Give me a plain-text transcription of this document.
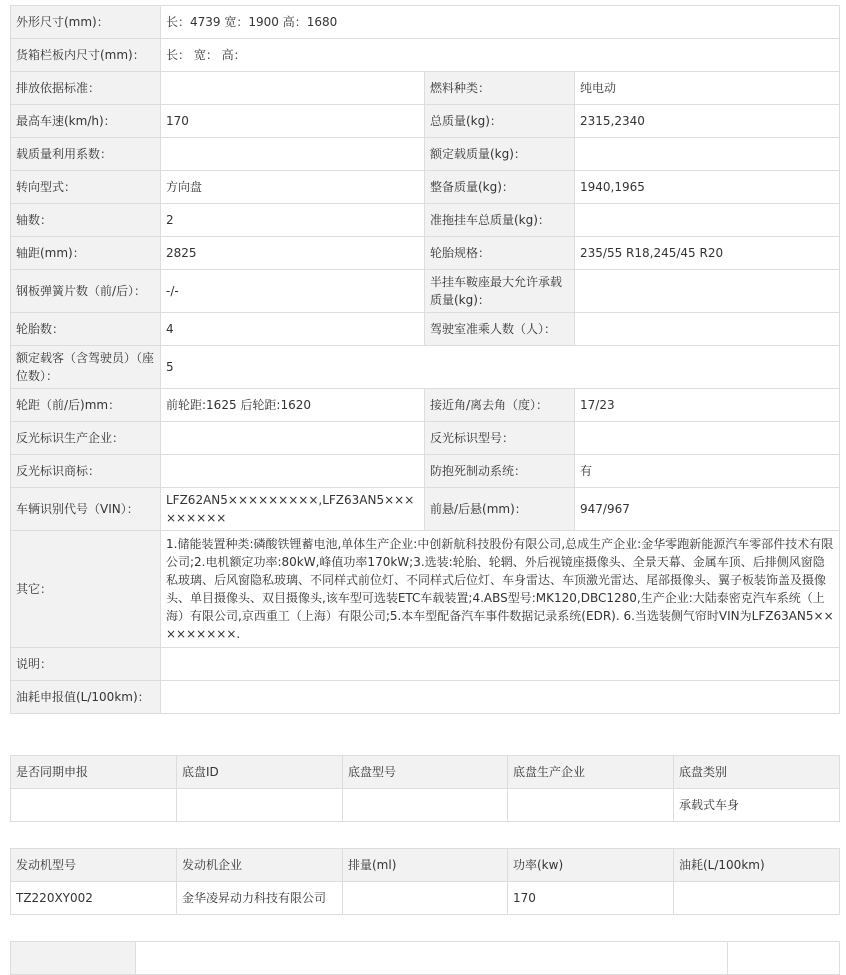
外形尺寸(mm)：	长：4739 宽：1900 高：1680		
货箱栏板内尺寸(mm)：	长： 宽： 高：		
排放依据标准：		燃料种类：	纯电动
最高车速(km/h)：	170	总质量(kg)：	2315,2340
载质量利用系数：		额定载质量(kg)：	
转向型式：	方向盘	整备质量(kg)：	1940,1965
轴数：	2	准拖挂车总质量(kg)：	
轴距(mm)：	2825	轮胎规格：	235/55 R18,245/45 R20
钢板弹簧片数（前/后）：	-/-	半挂车鞍座最大允许承载质量(kg)：	
轮胎数：	4	驾驶室准乘人数（人）：	
额定载客（含驾驶员）（座位数）：	5		
轮距（前/后)mm：	前轮距:1625 后轮距:1620	接近角/离去角（度）：	17/23
反光标识生产企业：		反光标识型号：	
反光标识商标：		防抱死制动系统：	有
车辆识别代号（VIN）：	LFZ62AN5×××××××××,LFZ63AN5×××××××××	前悬/后悬(mm)：	947/967
其它：	1.储能装置种类:磷酸铁锂蓄电池,单体生产企业:中创新航科技股份有限公司,总成生产企业:金华零跑新能源汽车零部件技术有限公司;2.电机额定功率:80kW,峰值功率170kW;3.选装:轮胎、轮辋、外后视镜座摄像头、全景天幕、金属车顶、后排侧风窗隐私玻璃、后风窗隐私玻璃、不同样式前位灯、不同样式后位灯、车身雷达、车顶激光雷达、尾部摄像头、翼子板装饰盖及摄像头、单目摄像头、双目摄像头,该车型可选装ETC车载装置;4.ABS型号:MK120,DBC1280,生产企业:大陆泰密克汽车系统（上海）有限公司,京西重工（上海）有限公司;5.本车型配备汽车事件数据记录系统(EDR). 6.当选装侧气帘时VIN为LFZ63AN5×××××××××.		
说明：			
油耗申报值(L/100km)：			
是否同期申报	底盘ID	底盘型号	底盘生产企业	底盘类别
				承载式车身
发动机型号	发动机企业	排量(ml)	功率(kw)	油耗(L/100km)
TZ220XY002	金华凌昇动力科技有限公司		170	
